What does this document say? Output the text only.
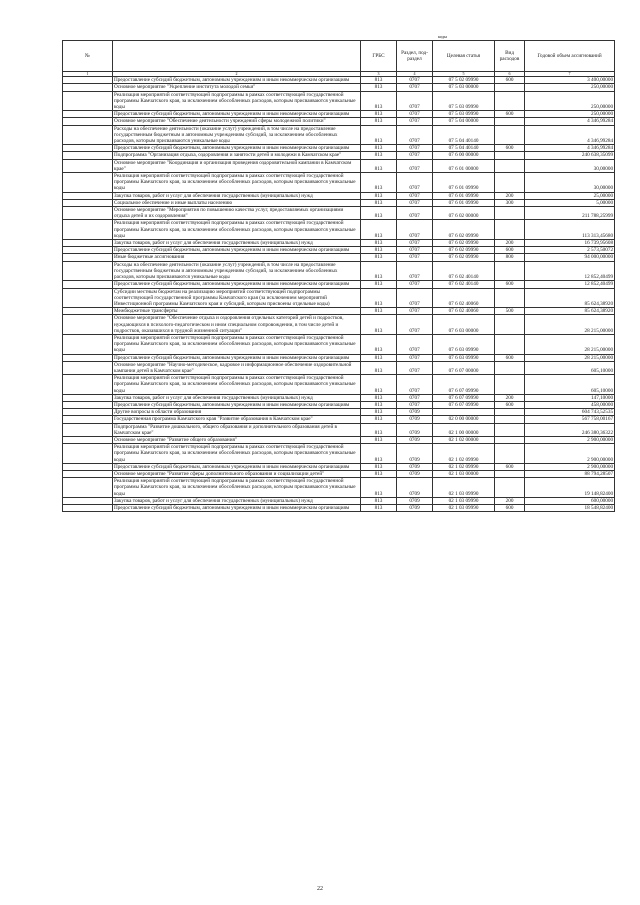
		коды				
№		ГРБС	Раздел, под-раздел	Целевая статья	Вид расходов	Годовой объем ассигнований
1	2	3	4	5	6	7
	Предоставление субсидий бюджетным, автономным учреждениям и иным некоммерческим организациям	813	0707	07 5 02 09990	600	3 400,00000
	Основное мероприятие "Укрепление института молодой семьи"	813	0707	07 5 03 00000		250,00000
	Реализация мероприятий соответствующей подпрограммы в рамках соответствующей государственной программы Камчатского края, за исключением обособленных расходов, которым присваиваются уникальные коды	813	0707	07 5 03 09990		250,00000
	Предоставление субсидий бюджетным, автономным учреждениям и иным некоммерческим организациям	813	0707	07 5 03 09990	600	250,00000
	Основное мероприятие "Обеспечение деятельности учреждений сферы молодежной политики"	813	0707	07 5 04 00000		4 346,99284
	Расходы на обеспечение деятельности (оказание услуг) учреждений, в том числе на предоставление государственным бюджетным и автономным учреждениям субсидий, за исключением обособленных расходов, которым присваиваются уникальные коды	813	0707	07 5 04 40140		4 346,99284
	Предоставление субсидий бюджетным, автономным учреждениям и иным некоммерческим организациям	813	0707	07 5 04 40140	600	4 346,99284
	Подпрограмма "Организация отдыха, оздоровления и занятости детей и молодежи в Камчатском крае"	813	0707	07 6 00 00000		240 638,35099
	Основное мероприятие "Координация и организация проведения оздоровительной кампании в Камчатском крае"	813	0707	07 6 01 00000		30,00000
	Реализация мероприятий соответствующей подпрограммы в рамках соответствующей государственной программы Камчатского края, за исключением обособленных расходов, которым присваиваются уникальные коды	813	0707	07 6 01 09990		30,00000
	Закупка товаров, работ и услуг для обеспечения государственных (муниципальных) нужд	813	0707	07 6 01 09990	200	25,00000
	Социальное обеспечение и иные выплаты населению	813	0707	07 6 01 09990	300	5,00000
	Основное мероприятие "Мероприятия по повышению качества услуг, предоставляемых организациями отдыха детей и их оздоровления"	813	0707	07 6 02 00000		211 788,25999
	Реализация мероприятий соответствующей подпрограммы в рамках соответствующей государственной программы Камчатского края, за исключением обособленных расходов, которым присваиваются уникальные коды	813	0707	07 6 02 09990		113 313,45680
	Закупка товаров, работ и услуг для обеспечения государственных (муниципальных) нужд	813	0707	07 6 02 09990	200	16 739,95608
	Предоставление субсидий бюджетным, автономным учреждениям и иным некоммерческим организациям	813	0707	07 6 02 09990	600	2 573,50072
	Иные бюджетные ассигнования	813	0707	07 6 02 09990	800	94 000,00000
	Расходы на обеспечение деятельности (оказание услуг) учреждений, в том числе на предоставление государственным бюджетным и автономным учреждениям субсидий, за исключением обособленных расходов, которым присваиваются уникальные коды	813	0707	07 6 02 40140		12 852,40499
	Предоставление субсидий бюджетным, автономным учреждениям и иным некоммерческим организациям	813	0707	07 6 02 40140	600	12 852,40499
	Субсидии местным бюджетам на реализацию мероприятий соответствующей подпрограммы соответствующей государственной программы Камчатского края (за исключением мероприятий Инвестиционной программы Камчатского края и субсидий, которым присвоены отдельные коды)	813	0707	07 6 02 40060		85 624,38920
	Межбюджетные трансферты	813	0707	07 6 02 40060	500	85 624,38920
	Основное мероприятие "Обеспечение отдыха и оздоровления отдельных категорий детей и подростков, нуждающихся в психолого-педагогическом и ином специальном сопровождении, в том числе детей и подростков, оказавшихся в трудной жизненной ситуации"	813	0707	07 6 03 00000		28 215,00000
	Реализация мероприятий соответствующей подпрограммы в рамках соответствующей государственной программы Камчатского края, за исключением обособленных расходов, которым присваиваются уникальные коды	813	0707	07 6 03 09990		28 215,00000
	Предоставление субсидий бюджетным, автономным учреждениям и иным некоммерческим организациям	813	0707	07 6 03 09990	600	28 215,00000
	Основное мероприятие "Научно-методическое, кадровое и информационное обеспечение оздоровительной кампании детей в Камчатском крае"	813	0707	07 6 07 00000		605,10000
	Реализация мероприятий соответствующей подпрограммы в рамках соответствующей государственной программы Камчатского края, за исключением обособленных расходов, которым присваиваются уникальные коды	813	0707	07 6 07 09990		605,10000
	Закупка товаров, работ и услуг для обеспечения государственных (муниципальных) нужд	813	0707	07 6 07 09990	200	147,10000
	Предоставление субсидий бюджетным, автономным учреждениям и иным некоммерческим организациям	813	0707	07 6 07 09990	600	458,00000
	Другие вопросы в области образования	813	0709			604 743,52535
	Государственная программа Камчатского края "Развитие образования в Камчатском крае"	813	0709	02 0 00 00000		567 758,00167
	Подпрограмма "Развитие дошкольного, общего образования и дополнительного образования детей в Камчатском крае"	813	0709	02 1 00 00000		246 380,36322
	Основное мероприятие "Развитие общего образования"	813	0709	02 1 02 00000		2 900,00000
	Реализация мероприятий соответствующей подпрограммы в рамках соответствующей государственной программы Камчатского края, за исключением обособленных расходов, которым присваиваются уникальные коды	813	0709	02 1 02 09990		2 900,00000
	Предоставление субсидий бюджетным, автономным учреждениям и иным некоммерческим организациям	813	0709	02 1 02 09990	600	2 900,00000
	Основное мероприятие "Развитие сферы дополнительного образования и социализации детей"	813	0709	02 1 03 00000		88 794,28507
	Реализация мероприятий соответствующей подпрограммы в рамках соответствующей государственной программы Камчатского края, за исключением обособленных расходов, которым присваиваются уникальные коды	813	0709	02 1 03 09990		19 148,82400
	Закупка товаров, работ и услуг для обеспечения государственных (муниципальных) нужд	813	0709	02 1 03 09990	200	600,00000
	Предоставление субсидий бюджетным, автономным учреждениям и иным некоммерческим организациям	813	0709	02 1 03 09990	600	18 548,82400
22
